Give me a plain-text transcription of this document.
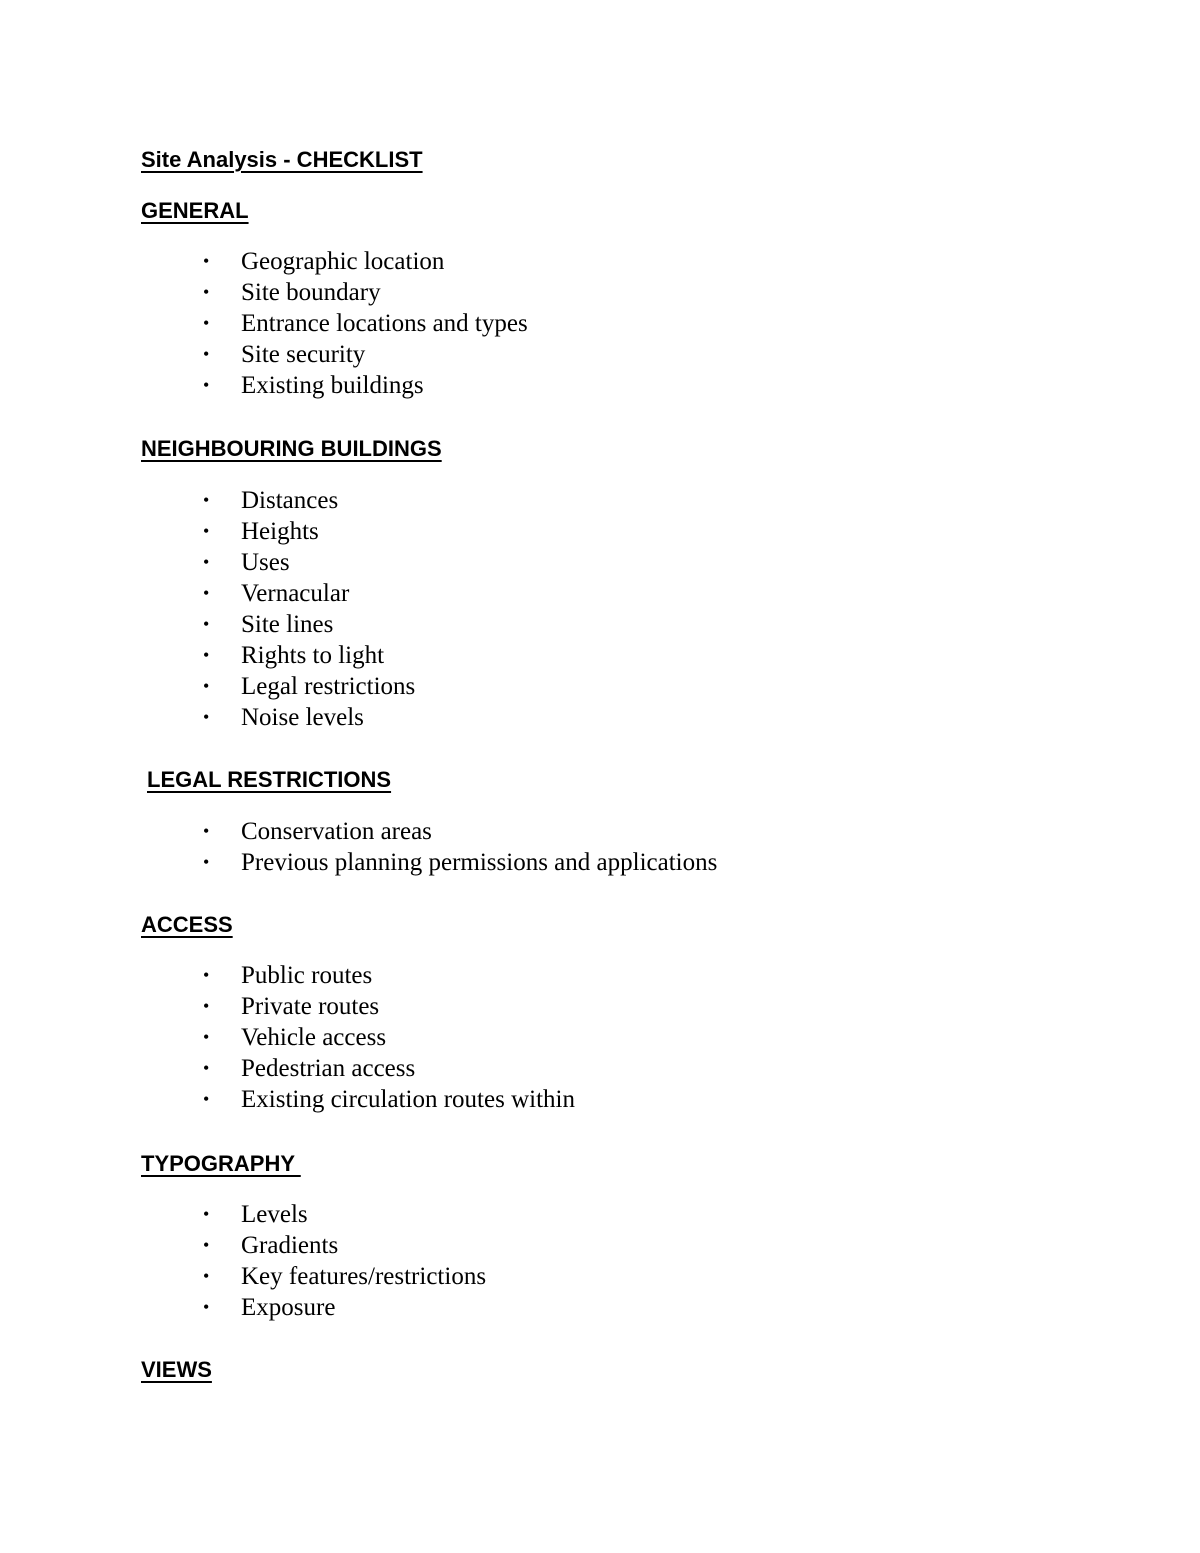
Site Analysis - CHECKLIST
GENERAL
• Geographic location
• Site boundary
• Entrance locations and types
• Site security
• Existing buildings
NEIGHBOURING BUILDINGS
• Distances
• Heights
• Uses
• Vernacular
• Site lines
• Rights to light
• Legal restrictions
• Noise levels
LEGAL RESTRICTIONS
• Conservation areas
• Previous planning permissions and applications
ACCESS
• Public routes
• Private routes
• Vehicle access
• Pedestrian access
• Existing circulation routes within
TYPOGRAPHY
• Levels
• Gradients
• Key features/restrictions
• Exposure
VIEWS
